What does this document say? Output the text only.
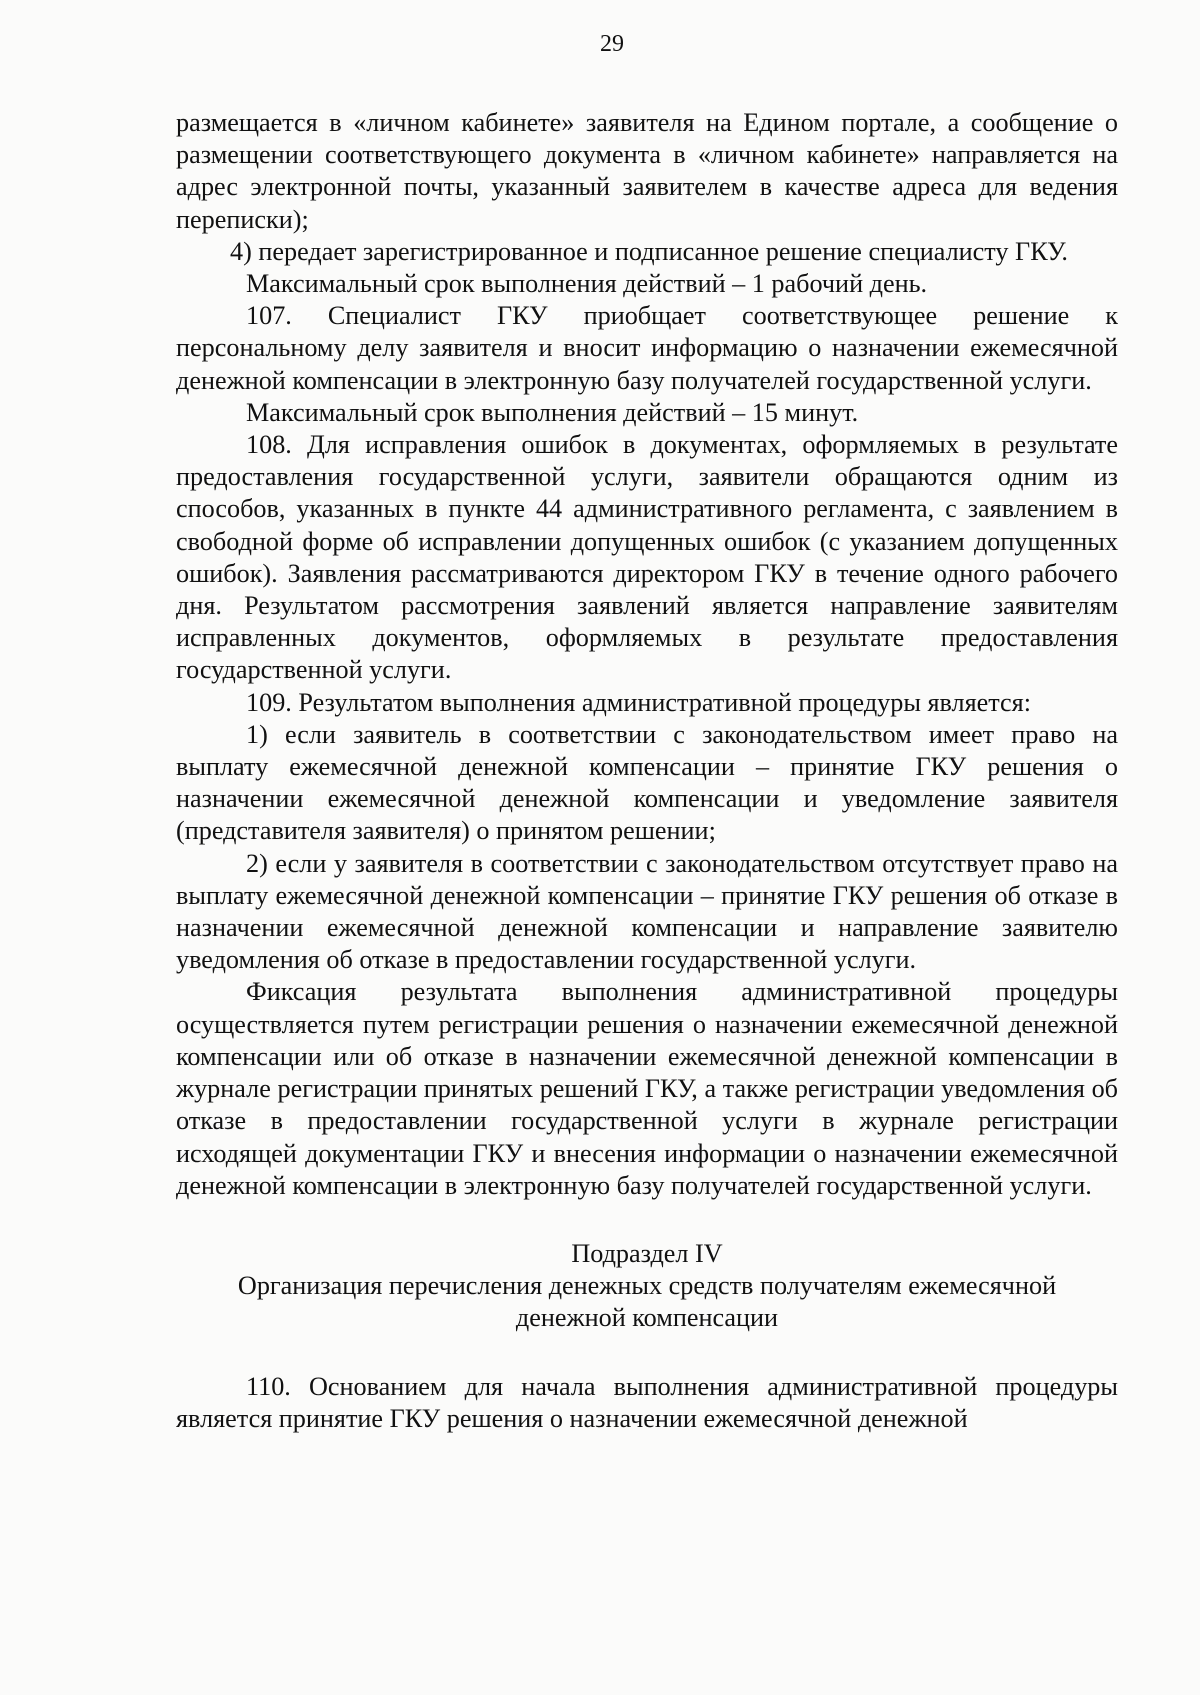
29

размещается в «личном кабинете» заявителя на Едином портале, а сообщение о размещении соответствующего документа в «личном кабинете» направляется на адрес электронной почты, указанный заявителем в качестве адреса для ведения переписки);

4) передает зарегистрированное и подписанное решение специалисту ГКУ.

Максимальный срок выполнения действий – 1 рабочий день.

107. Специалист ГКУ приобщает соответствующее решение к персональному делу заявителя и вносит информацию о назначении ежемесячной денежной компенсации в электронную базу получателей государственной услуги.

Максимальный срок выполнения действий – 15 минут.

108. Для исправления ошибок в документах, оформляемых в результате предоставления государственной услуги, заявители обращаются одним из способов, указанных в пункте 44 административного регламента, с заявлением в свободной форме об исправлении допущенных ошибок (с указанием допущенных ошибок). Заявления рассматриваются директором ГКУ в течение одного рабочего дня. Результатом рассмотрения заявлений является направление заявителям исправленных документов, оформляемых в результате предоставления государственной услуги.

109. Результатом выполнения административной процедуры является:

1) если заявитель в соответствии с законодательством имеет право на выплату ежемесячной денежной компенсации – принятие ГКУ решения о назначении ежемесячной денежной компенсации и уведомление заявителя (представителя заявителя) о принятом решении;

2) если у заявителя в соответствии с законодательством отсутствует право на выплату ежемесячной денежной компенсации – принятие ГКУ решения об отказе в назначении ежемесячной денежной компенсации и направление заявителю уведомления об отказе в предоставлении государственной услуги.

Фиксация результата выполнения административной процедуры осуществляется путем регистрации решения о назначении ежемесячной денежной компенсации или об отказе в назначении ежемесячной денежной компенсации в журнале регистрации принятых решений ГКУ, а также регистрации уведомления об отказе в предоставлении государственной услуги в журнале регистрации исходящей документации ГКУ и внесения информации о назначении ежемесячной денежной компенсации в электронную базу получателей государственной услуги.

Подраздел IV

Организация перечисления денежных средств получателям ежемесячной

денежной компенсации

110. Основанием для начала выполнения административной процедуры является принятие ГКУ решения о назначении ежемесячной денежной
